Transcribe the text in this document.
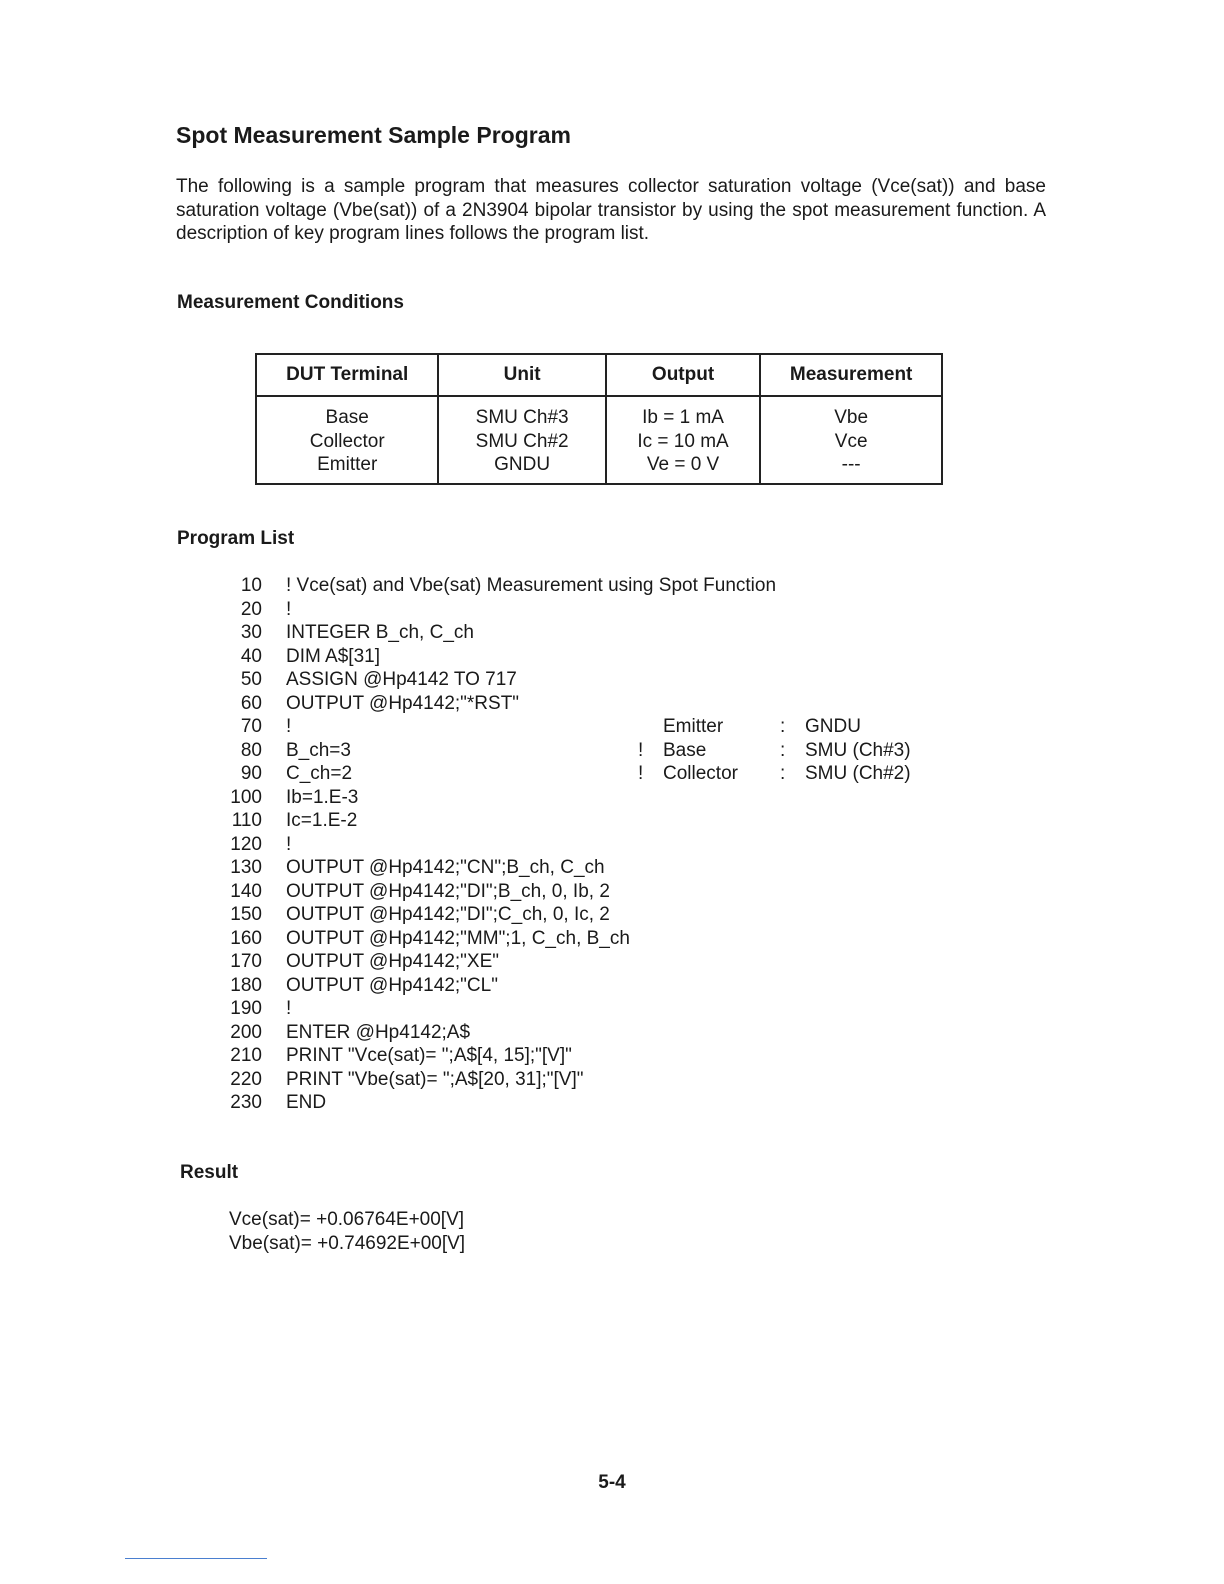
Spot Measurement Sample Program

The following is a sample program that measures collector saturation voltage (Vce(sat)) and base saturation voltage (Vbe(sat)) of a 2N3904 bipolar transistor by using the spot measurement function. A description of key program lines follows the program list.

Measurement Conditions
DUT Terminal	Unit	Output	Measurement
Base	SMU Ch#3	Ib = 1 mA	Vbe
Collector	SMU Ch#2	Ic = 10 mA	Vce
Emitter	GNDU	Ve = 0 V	---
Program List
10 ! Vce(sat) and Vbe(sat) Measurement using Spot Function
20 !
30 INTEGER B_ch, C_ch
40 DIM A$[31]
50 ASSIGN @Hp4142 TO 717
60 OUTPUT @Hp4142;"*RST"
70 !	Emitter	: GNDU
80 B_ch=3	! Base	: SMU (Ch#3)
90 C_ch=2	! Collector : SMU (Ch#2)
100 Ib=1.E-3
110 Ic=1.E-2
120 !
130 OUTPUT @Hp4142;"CN";B_ch, C_ch
140 OUTPUT @Hp4142;"DI";B_ch, 0, Ib, 2
150 OUTPUT @Hp4142;"DI";C_ch, 0, Ic, 2
160 OUTPUT @Hp4142;"MM";1, C_ch, B_ch
170 OUTPUT @Hp4142;"XE"
180 OUTPUT @Hp4142;"CL"
190 !
200 ENTER @Hp4142;A$
210 PRINT "Vce(sat)= ";A$[4, 15];"[V]"
220 PRINT "Vbe(sat)= ";A$[20, 31];"[V]"
230 END
Result
Vce(sat)= +0.06764E+00[V]
Vbe(sat)= +0.74692E+00[V]
5-4
